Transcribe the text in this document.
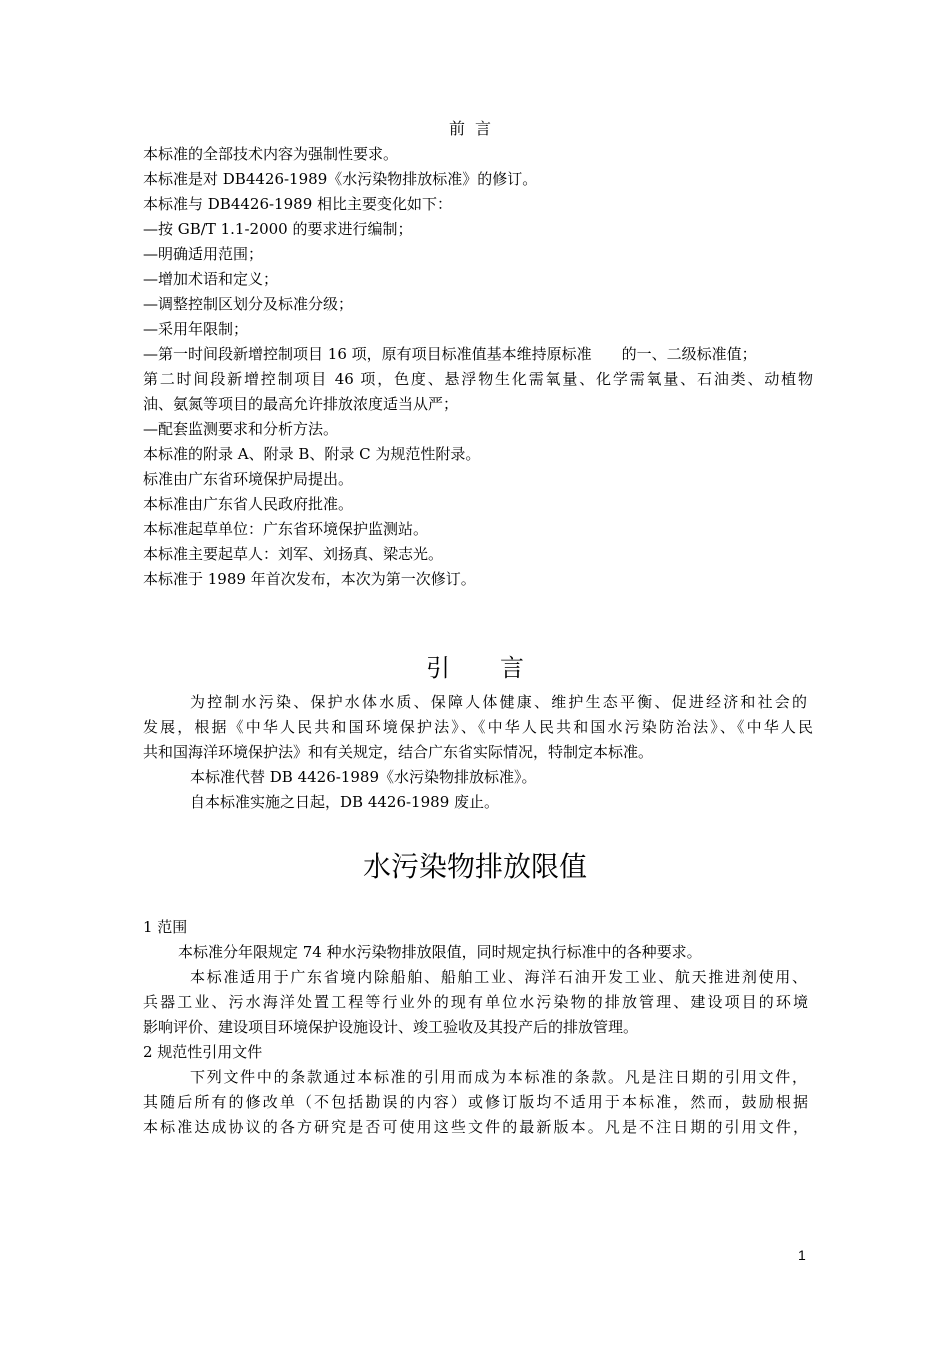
前言
本标准的全部技术内容为强制性要求。
本标准是对 DB4426-1989《水污染物排放标准》的修订。
本标准与 DB4426-1989 相比主要变化如下：
—按 GB/T 1.1-2000 的要求进行编制；
—明确适用范围；
—增加术语和定义；
—调整控制区划分及标准分级；
—采用年限制；
—第一时间段新增控制项目 16 项，原有项目标准值基本维持原标准　　的一、二级标准值；
第二时间段新增控制项目 46 项，色度、悬浮物生化需氧量、化学需氧量、石油类、动植物
油、氨氮等项目的最高允许排放浓度适当从严；
—配套监测要求和分析方法。
本标准的附录 A、附录 B、附录 C 为规范性附录。
标准由广东省环境保护局提出。
本标准由广东省人民政府批准。
本标准起草单位：广东省环境保护监测站。
本标准主要起草人：刘军、刘扬真、梁志光。
本标准于 1989 年首次发布，本次为第一次修订。
引 言
为控制水污染、保护水体水质、保障人体健康、维护生态平衡、促进经济和社会的
发展，根据《中华人民共和国环境保护法》、《中华人民共和国水污染防治法》、《中华人民
共和国海洋环境保护法》和有关规定，结合广东省实际情况，特制定本标准。
本标准代替 DB 4426-1989《水污染物排放标准》。
自本标准实施之日起，DB 4426-1989 废止。
水污染物排放限值
1 范围
本标准分年限规定 74 种水污染物排放限值，同时规定执行标准中的各种要求。
本标准适用于广东省境内除船舶、船舶工业、海洋石油开发工业、航天推进剂使用、
兵器工业、污水海洋处置工程等行业外的现有单位水污染物的排放管理、建设项目的环境
影响评价、建设项目环境保护设施设计、竣工验收及其投产后的排放管理。
2 规范性引用文件
下列文件中的条款通过本标准的引用而成为本标准的条款。凡是注日期的引用文件，
其随后所有的修改单（不包括勘误的内容）或修订版均不适用于本标准，然而，鼓励根据
本标准达成协议的各方研究是否可使用这些文件的最新版本。凡是不注日期的引用文件，
1
